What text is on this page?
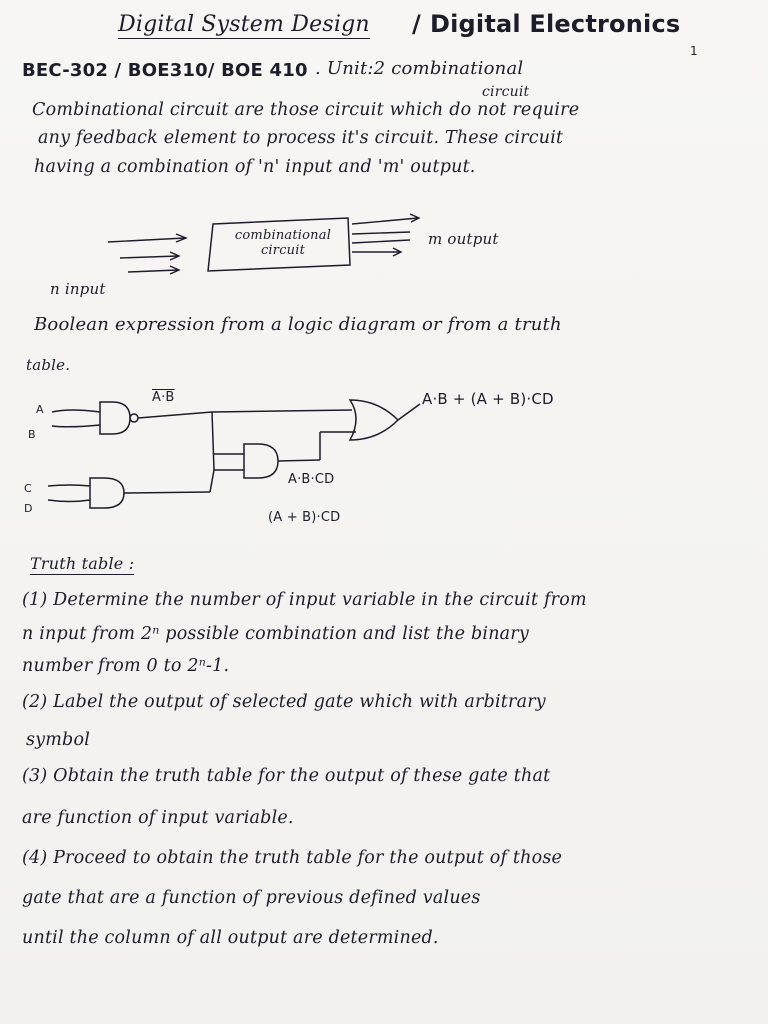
Digital System Design / Digital Electronics
1
BEC-302 / BOE310/ BOE 410 . Unit:2 combinational
circuit
Combinational circuit are those circuit which do not require
any feedback element to process it's circuit. These circuit
having a combination of 'n' input and 'm' output.
combinational
circuit
m output
n input
Boolean expression from a logic diagram or from a truth
table.
A
B
C
D
A·B	A·B + (A + B)·CD
A·B·CD
(A + B)·CD
Truth table :
(1) Determine the number of input variable in the circuit from
n input from 2ⁿ possible combination and list the binary
number from 0 to 2ⁿ-1.
(2) Label the output of selected gate which with arbitrary
symbol
(3) Obtain the truth table for the output of these gate that
are function of input variable.
(4) Proceed to obtain the truth table for the output of those
gate that are a function of previous defined values
until the column of all output are determined.
